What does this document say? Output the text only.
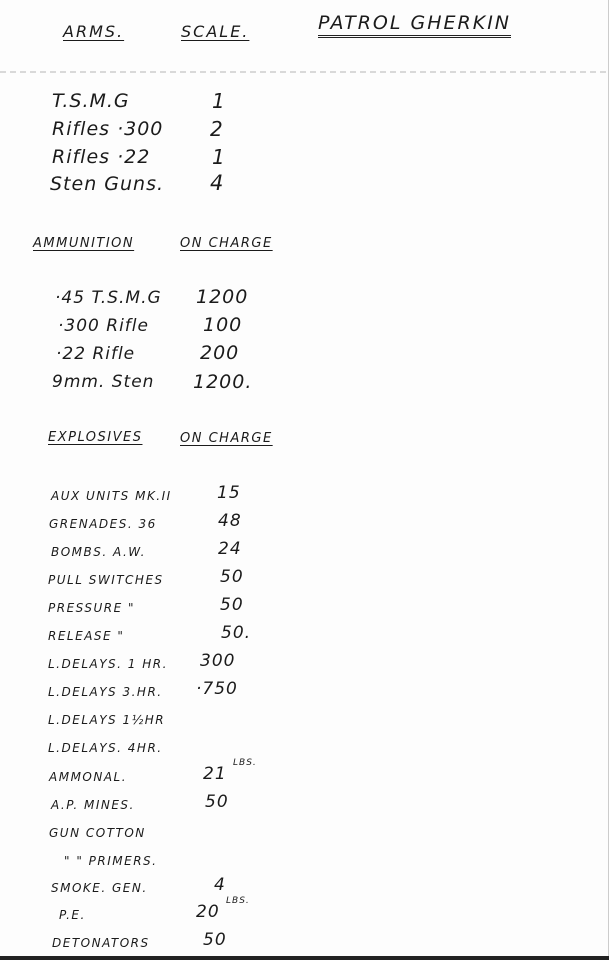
ARMS.	SCALE.	PATROL GHERKIN
T.S.M.G	1
Rifles ·300 2
Rifles ·22	1
Sten Guns. 4
AMMUNITION	ON CHARGE
·45 T.S.M.G 1200
·300 Rifle	100
·22 Rifle	200
9mm. Sten 1200.
EXPLOSIVES	ON CHARGE
AUX UNITS MK.II	15
GRENADES. 36	48
BOMBS. A.W.	24
PULL SWITCHES	50
PRESSURE "	50
RELEASE "	50.
L.DELAYS. 1 HR. 300
L.DELAYS 3.HR. ·750
L.DELAYS 1½HR
L.DELAYS. 4HR.
AMMONAL.	21
LBS.
A.P. MINES.	50
GUN COTTON
" " PRIMERS.
SMOKE. GEN.	4
P.E.	20
LBS.
DETONATORS	50
